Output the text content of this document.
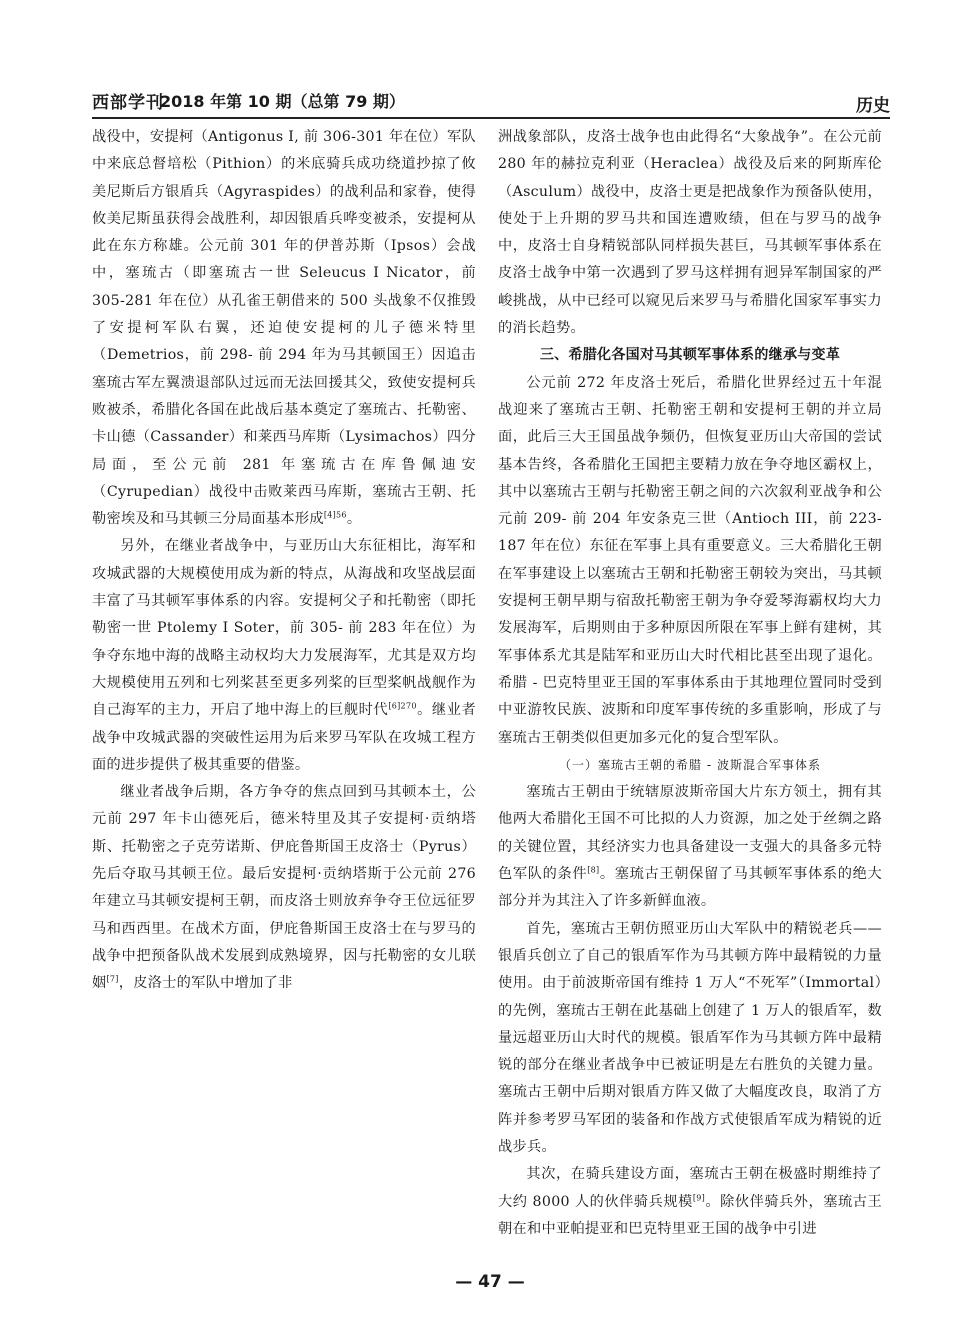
西部学刊
2018 年第 10 期（总第 79 期）	历史

战役中，安提柯（Antigonus I, 前 306-301 年在位）军队中来底总督培松（Pithion）的米底骑兵成功绕道抄掠了攸美尼斯后方银盾兵（Agyraspides）的战利品和家眷，使得攸美尼斯虽获得会战胜利，却因银盾兵哗变被杀，安提柯从此在东方称雄。公元前 301 年的伊普苏斯（Ipsos）会战中，塞琉古（即塞琉古一世 Seleucus I Nicator，前 305-281 年在位）从孔雀王朝借来的 500 头战象不仅推毁了安提柯军队右翼，还迫使安提柯的儿子德米特里（Demetrios，前 298- 前 294 年为马其顿国王）因追击塞琉古军左翼溃退部队过远而无法回援其父，致使安提柯兵败被杀，希腊化各国在此战后基本奠定了塞琉古、托勒密、卡山德（Cassander）和莱西马库斯（Lysimachos）四分局面，至公元前 281 年塞琉古在库鲁佩迪安（Cyrupedian）战役中击败莱西马库斯，塞琉古王朝、托勒密埃及和马其顿三分局面基本形成$^{[4]56}$。

另外，在继业者战争中，与亚历山大东征相比，海军和攻城武器的大规模使用成为新的特点，从海战和攻坚战层面丰富了马其顿军事体系的内容。安提柯父子和托勒密（即托勒密一世 Ptolemy I Soter，前 305- 前 283 年在位）为争夺东地中海的战略主动权均大力发展海军，尤其是双方均大规模使用五列和七列桨甚至更多列桨的巨型桨帆战舰作为自己海军的主力，开启了地中海上的巨舰时代$^{[6]270}$。继业者战争中攻城武器的突破性运用为后来罗马军队在攻城工程方面的进步提供了极其重要的借鉴。

继业者战争后期，各方争夺的焦点回到马其顿本土，公元前 297 年卡山德死后，德米特里及其子安提柯·贡纳塔斯、托勒密之子克劳诺斯、伊庇鲁斯国王皮洛士（Pyrus）先后夺取马其顿王位。最后安提柯·贡纳塔斯于公元前 276 年建立马其顿安提柯王朝，而皮洛士则放弃争夺王位远征罗马和西西里。在战术方面，伊庇鲁斯国王皮洛士在与罗马的战争中把预备队战术发展到成熟境界，因与托勒密的女儿联姻[7]，皮洛士的军队中增加了非

洲战象部队，皮洛士战争也由此得名“大象战争”。在公元前 280 年的赫拉克利亚（Heraclea）战役及后来的阿斯库伦（Asculum）战役中，皮洛士更是把战象作为预备队使用，使处于上升期的罗马共和国连遭败绩，但在与罗马的战争中，皮洛士自身精锐部队同样损失甚巨，马其顿军事体系在皮洛士战争中第一次遇到了罗马这样拥有迥异军制国家的严峻挑战，从中已经可以窥见后来罗马与希腊化国家军事实力的消长趋势。

三、希腊化各国对马其顿军事体系的继承与变革

公元前 272 年皮洛士死后，希腊化世界经过五十年混战迎来了塞琉古王朝、托勒密王朝和安提柯王朝的并立局面，此后三大王国虽战争频仍，但恢复亚历山大帝国的尝试基本告终，各希腊化王国把主要精力放在争夺地区霸权上，其中以塞琉古王朝与托勒密王朝之间的六次叙利亚战争和公元前 209- 前 204 年安条克三世（Antioch III，前 223-187 年在位）东征在军事上具有重要意义。三大希腊化王朝在军事建设上以塞琉古王朝和托勒密王朝较为突出，马其顿安提柯王朝早期与宿敌托勒密王朝为争夺爱琴海霸权均大力发展海军，后期则由于多种原因所限在军事上鲜有建树，其军事体系尤其是陆军和亚历山大时代相比甚至出现了退化。希腊 - 巴克特里亚王国的军事体系由于其地理位置同时受到中亚游牧民族、波斯和印度军事传统的多重影响，形成了与塞琉古王朝类似但更加多元化的复合型军队。

（一）塞琉古王朝的希腊 - 波斯混合军事体系

塞琉古王朝由于统辖原波斯帝国大片东方领土，拥有其他两大希腊化王国不可比拟的人力资源，加之处于丝绸之路的关键位置，其经济实力也具备建设一支强大的具备多元特色军队的条件[8]。塞琉古王朝保留了马其顿军事体系的绝大部分并为其注入了许多新鲜血液。

首先，塞琉古王朝仿照亚历山大军队中的精锐老兵——银盾兵创立了自己的银盾军作为马其顿方阵中最精锐的力量使用。由于前波斯帝国有维持 1 万人“不死军”（Immortal）的先例，塞琉古王朝在此基础上创建了 1 万人的银盾军，数量远超亚历山大时代的规模。银盾军作为马其顿方阵中最精锐的部分在继业者战争中已被证明是左右胜负的关键力量。塞琉古王朝中后期对银盾方阵又做了大幅度改良，取消了方阵并参考罗马军团的装备和作战方式使银盾军成为精锐的近战步兵。

其次，在骑兵建设方面，塞琉古王朝在极盛时期维持了大约 8000 人的伙伴骑兵规模[9]。除伙伴骑兵外，塞琉古王朝在和中亚帕提亚和巴克特里亚王国的战争中引进

— 47 —
